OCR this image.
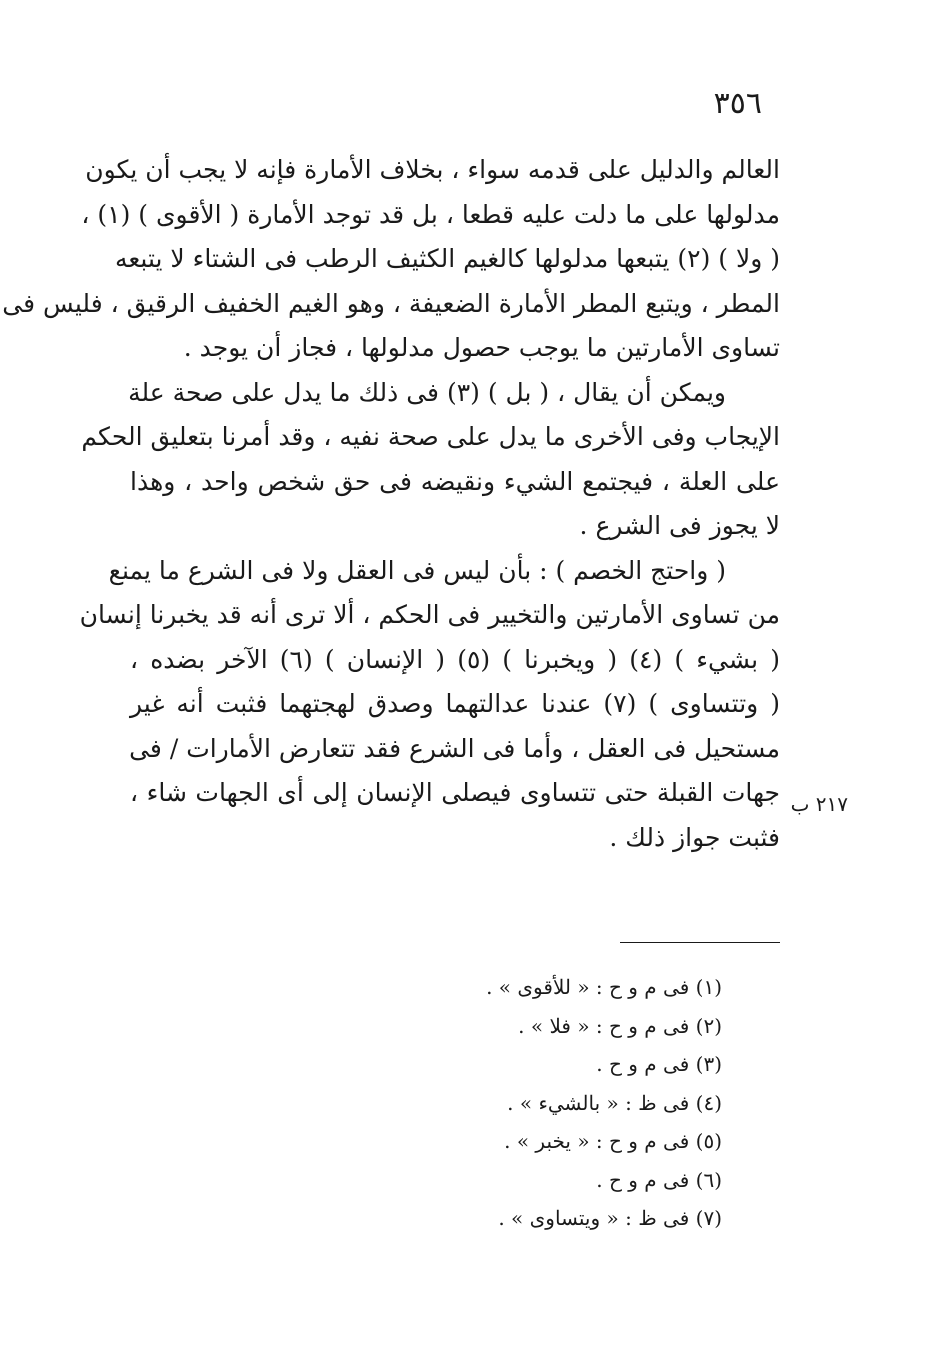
٣٥٦

العالم والدليل على قدمه سواء ، بخلاف الأمارة فإنه لا يجب أن يكون
مدلولها على ما دلت عليه قطعا ، بل قد توجد الأمارة ( الأقوى ) (١) ،
( ولا ) (٢) يتبعها مدلولها كالغيم الكثيف الرطب فى الشتاء لا يتبعه
المطر ، ويتبع المطر الأمارة الضعيفة ، وهو الغيم الخفيف الرقيق ، فليس فى
تساوى الأمارتين ما يوجب حصول مدلولها ، فجاز أن يوجد .

ويمكن أن يقال ، ( بل ) (٣) فى ذلك ما يدل على صحة علة
الإيجاب وفى الأخرى ما يدل على صحة نفيه ، وقد أمرنا بتعليق الحكم
على العلة ، فيجتمع الشيء ونقيضه فى حق شخص واحد ، وهذا
لا يجوز فى الشرع .

( واحتج الخصم ) : بأن ليس فى العقل ولا فى الشرع ما يمنع
من تساوى الأمارتين والتخيير فى الحكم ، ألا ترى أنه قد يخبرنا إنسان
( بشيء ) (٤) ( ويخبرنا ) (٥) ( الإنسان ) (٦) الآخر بضده ،
( وتتساوى ) (٧) عندنا عدالتهما وصدق لهجتهما فثبت أنه غير
مستحيل فى العقل ، وأما فى الشرع فقد تتعارض الأمارات / فى
جهات القبلة حتى تتساوى فيصلى الإنسان إلى أى الجهات شاء ،
فثبت جواز ذلك .

٢١٧ ب
(١) فى م و ح : « للأقوى » .
(٢) فى م و ح : « فلا » .
(٣) فى م و ح .
(٤) فى ظ : « بالشيء » .
(٥) فى م و ح : « يخبر » .
(٦) فى م و ح .
(٧) فى ظ : « ويتساوى » .
